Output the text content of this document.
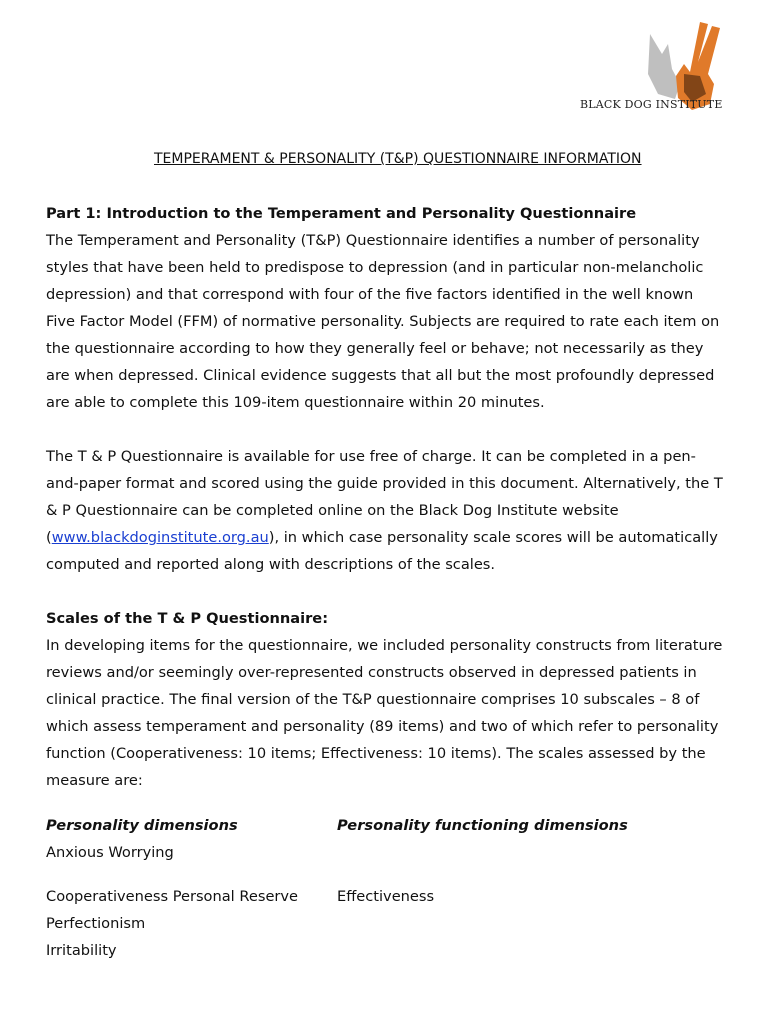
BLACK DOG INSTITUTE
TEMPERAMENT & PERSONALITY (T&P) QUESTIONNAIRE INFORMATION

Part 1: Introduction to the Temperament and Personality Questionnaire

The Temperament and Personality (T&P) Questionnaire identifies a number of personality styles that have been held to predispose to depression (and in particular non-melancholic depression) and that correspond with four of the five factors identified in the well known Five Factor Model (FFM) of normative personality. Subjects are required to rate each item on the questionnaire according to how they generally feel or behave; not necessarily as they are when depressed. Clinical evidence suggests that all but the most profoundly depressed are able to complete this 109-item questionnaire within 20 minutes.

The T & P Questionnaire is available for use free of charge. It can be completed in a pen-and-paper format and scored using the guide provided in this document. Alternatively, the T & P Questionnaire can be completed online on the Black Dog Institute website (www.blackdoginstitute.org.au), in which case personality scale scores will be automatically computed and reported along with descriptions of the scales.

Scales of the T & P Questionnaire:

In developing items for the questionnaire, we included personality constructs from literature reviews and/or seemingly over-represented constructs observed in depressed patients in clinical practice. The final version of the T&P questionnaire comprises 10 subscales – 8 of which assess temperament and personality (89 items) and two of which refer to personality function (Cooperativeness: 10 items; Effectiveness: 10 items). The scales assessed by the measure are:

Personality dimensions	Personality functioning dimensions
Anxious Worrying
Cooperativeness Personal Reserve	Effectiveness
Perfectionism
Irritability
